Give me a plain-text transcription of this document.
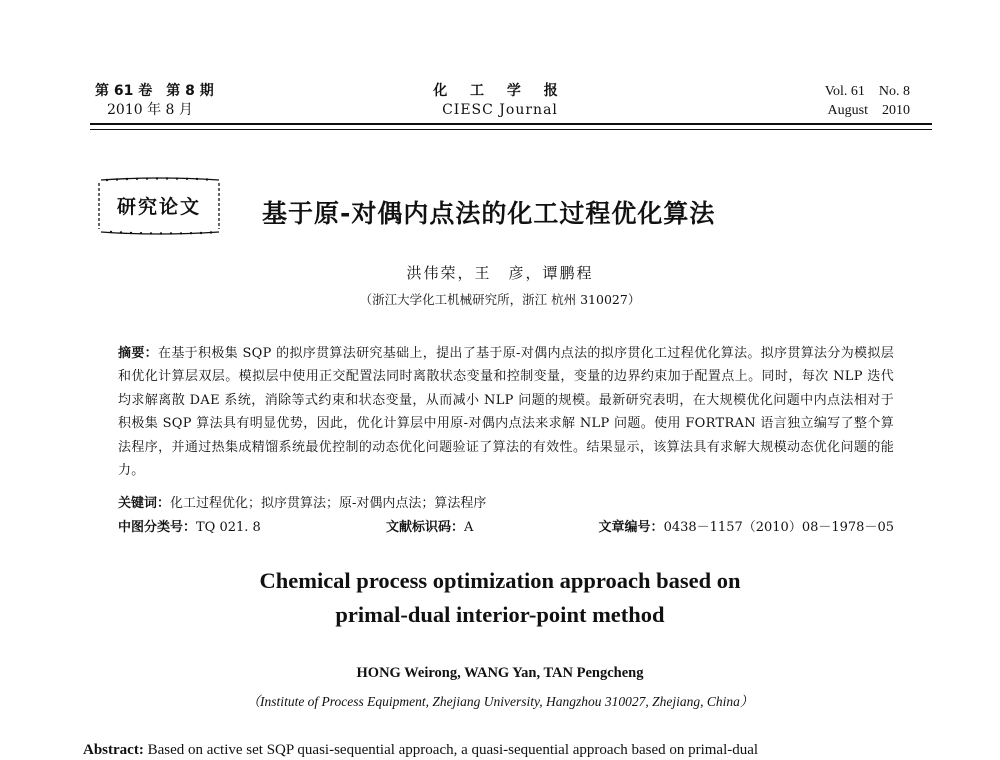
第 61 卷　第 8 期
2010 年 8 月
化 工 学 报
CIESC Journal
Vol. 61　No. 8
August　2010
研究论文	基于原-对偶内点法的化工过程优化算法
洪伟荣，王　彦，谭鹏程
（浙江大学化工机械研究所，浙江 杭州 310027）
摘要：在基于积极集 SQP 的拟序贯算法研究基础上，提出了基于原-对偶内点法的拟序贯化工过程优化算法。拟序贯算法分为模拟层和优化计算层双层。模拟层中使用正交配置法同时离散状态变量和控制变量，变量的边界约束加于配置点上。同时，每次 NLP 迭代均求解离散 DAE 系统，消除等式约束和状态变量，从而减小 NLP 问题的规模。最新研究表明，在大规模优化问题中内点法相对于积极集 SQP 算法具有明显优势，因此，优化计算层中用原-对偶内点法来求解 NLP 问题。使用 FORTRAN 语言独立编写了整个算法程序，并通过热集成精馏系统最优控制的动态优化问题验证了算法的有效性。结果显示，该算法具有求解大规模动态优化问题的能力。
关键词：化工过程优化；拟序贯算法；原-对偶内点法；算法程序
中图分类号：TQ 021. 8	文献标识码：A	文章编号：0438－1157（2010）08－1978－05
Chemical process optimization approach based on
primal-dual interior-point method
HONG Weirong, WANG Yan, TAN Pengcheng
（Institute of Process Equipment, Zhejiang University, Hangzhou 310027, Zhejiang, China）
Abstract: Based on active set SQP quasi-sequential approach, a quasi-sequential approach based on primal-dual
